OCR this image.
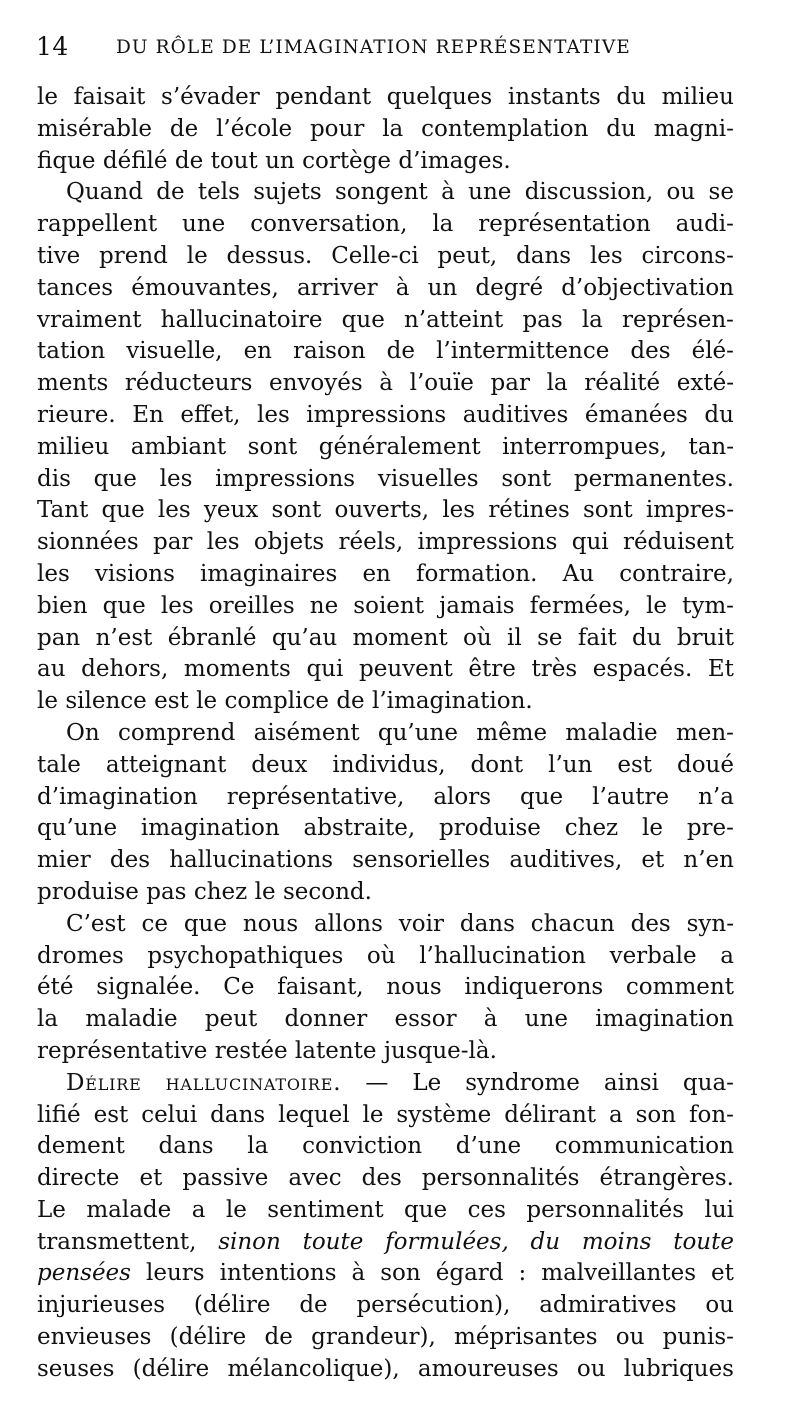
14	DU RÔLE DE L’IMAGINATION REPRÉSENTATIVE
le faisait s’évader pendant quelques instants du milieu
misérable de l’école pour la contemplation du magni-
fique défilé de tout un cortège d’images.
Quand de tels sujets songent à une discussion, ou se
rappellent une conversation, la représentation audi-
tive prend le dessus. Celle-ci peut, dans les circons-
tances émouvantes, arriver à un degré d’objectivation
vraiment hallucinatoire que n’atteint pas la représen-
tation visuelle, en raison de l’intermittence des élé-
ments réducteurs envoyés à l’ouïe par la réalité exté-
rieure. En effet, les impressions auditives émanées du
milieu ambiant sont généralement interrompues, tan-
dis que les impressions visuelles sont permanentes.
Tant que les yeux sont ouverts, les rétines sont impres-
sionnées par les objets réels, impressions qui réduisent
les visions imaginaires en formation. Au contraire,
bien que les oreilles ne soient jamais fermées, le tym-
pan n’est ébranlé qu’au moment où il se fait du bruit
au dehors, moments qui peuvent être très espacés. Et
le silence est le complice de l’imagination.
On comprend aisément qu’une même maladie men-
tale atteignant deux individus, dont l’un est doué
d’imagination représentative, alors que l’autre n’a
qu’une imagination abstraite, produise chez le pre-
mier des hallucinations sensorielles auditives, et n’en
produise pas chez le second.
C’est ce que nous allons voir dans chacun des syn-
dromes psychopathiques où l’hallucination verbale a
été signalée. Ce faisant, nous indiquerons comment
la maladie peut donner essor à une imagination
représentative restée latente jusque-là.
Délire hallucinatoire. — Le syndrome ainsi qua-
lifié est celui dans lequel le système délirant a son fon-
dement dans la conviction d’une communication
directe et passive avec des personnalités étrangères.
Le malade a le sentiment que ces personnalités lui
transmettent, sinon toute formulées, du moins toute
pensées leurs intentions à son égard : malveillantes et
injurieuses (délire de persécution), admiratives ou
envieuses (délire de grandeur), méprisantes ou punis-
seuses (délire mélancolique), amoureuses ou lubriques
